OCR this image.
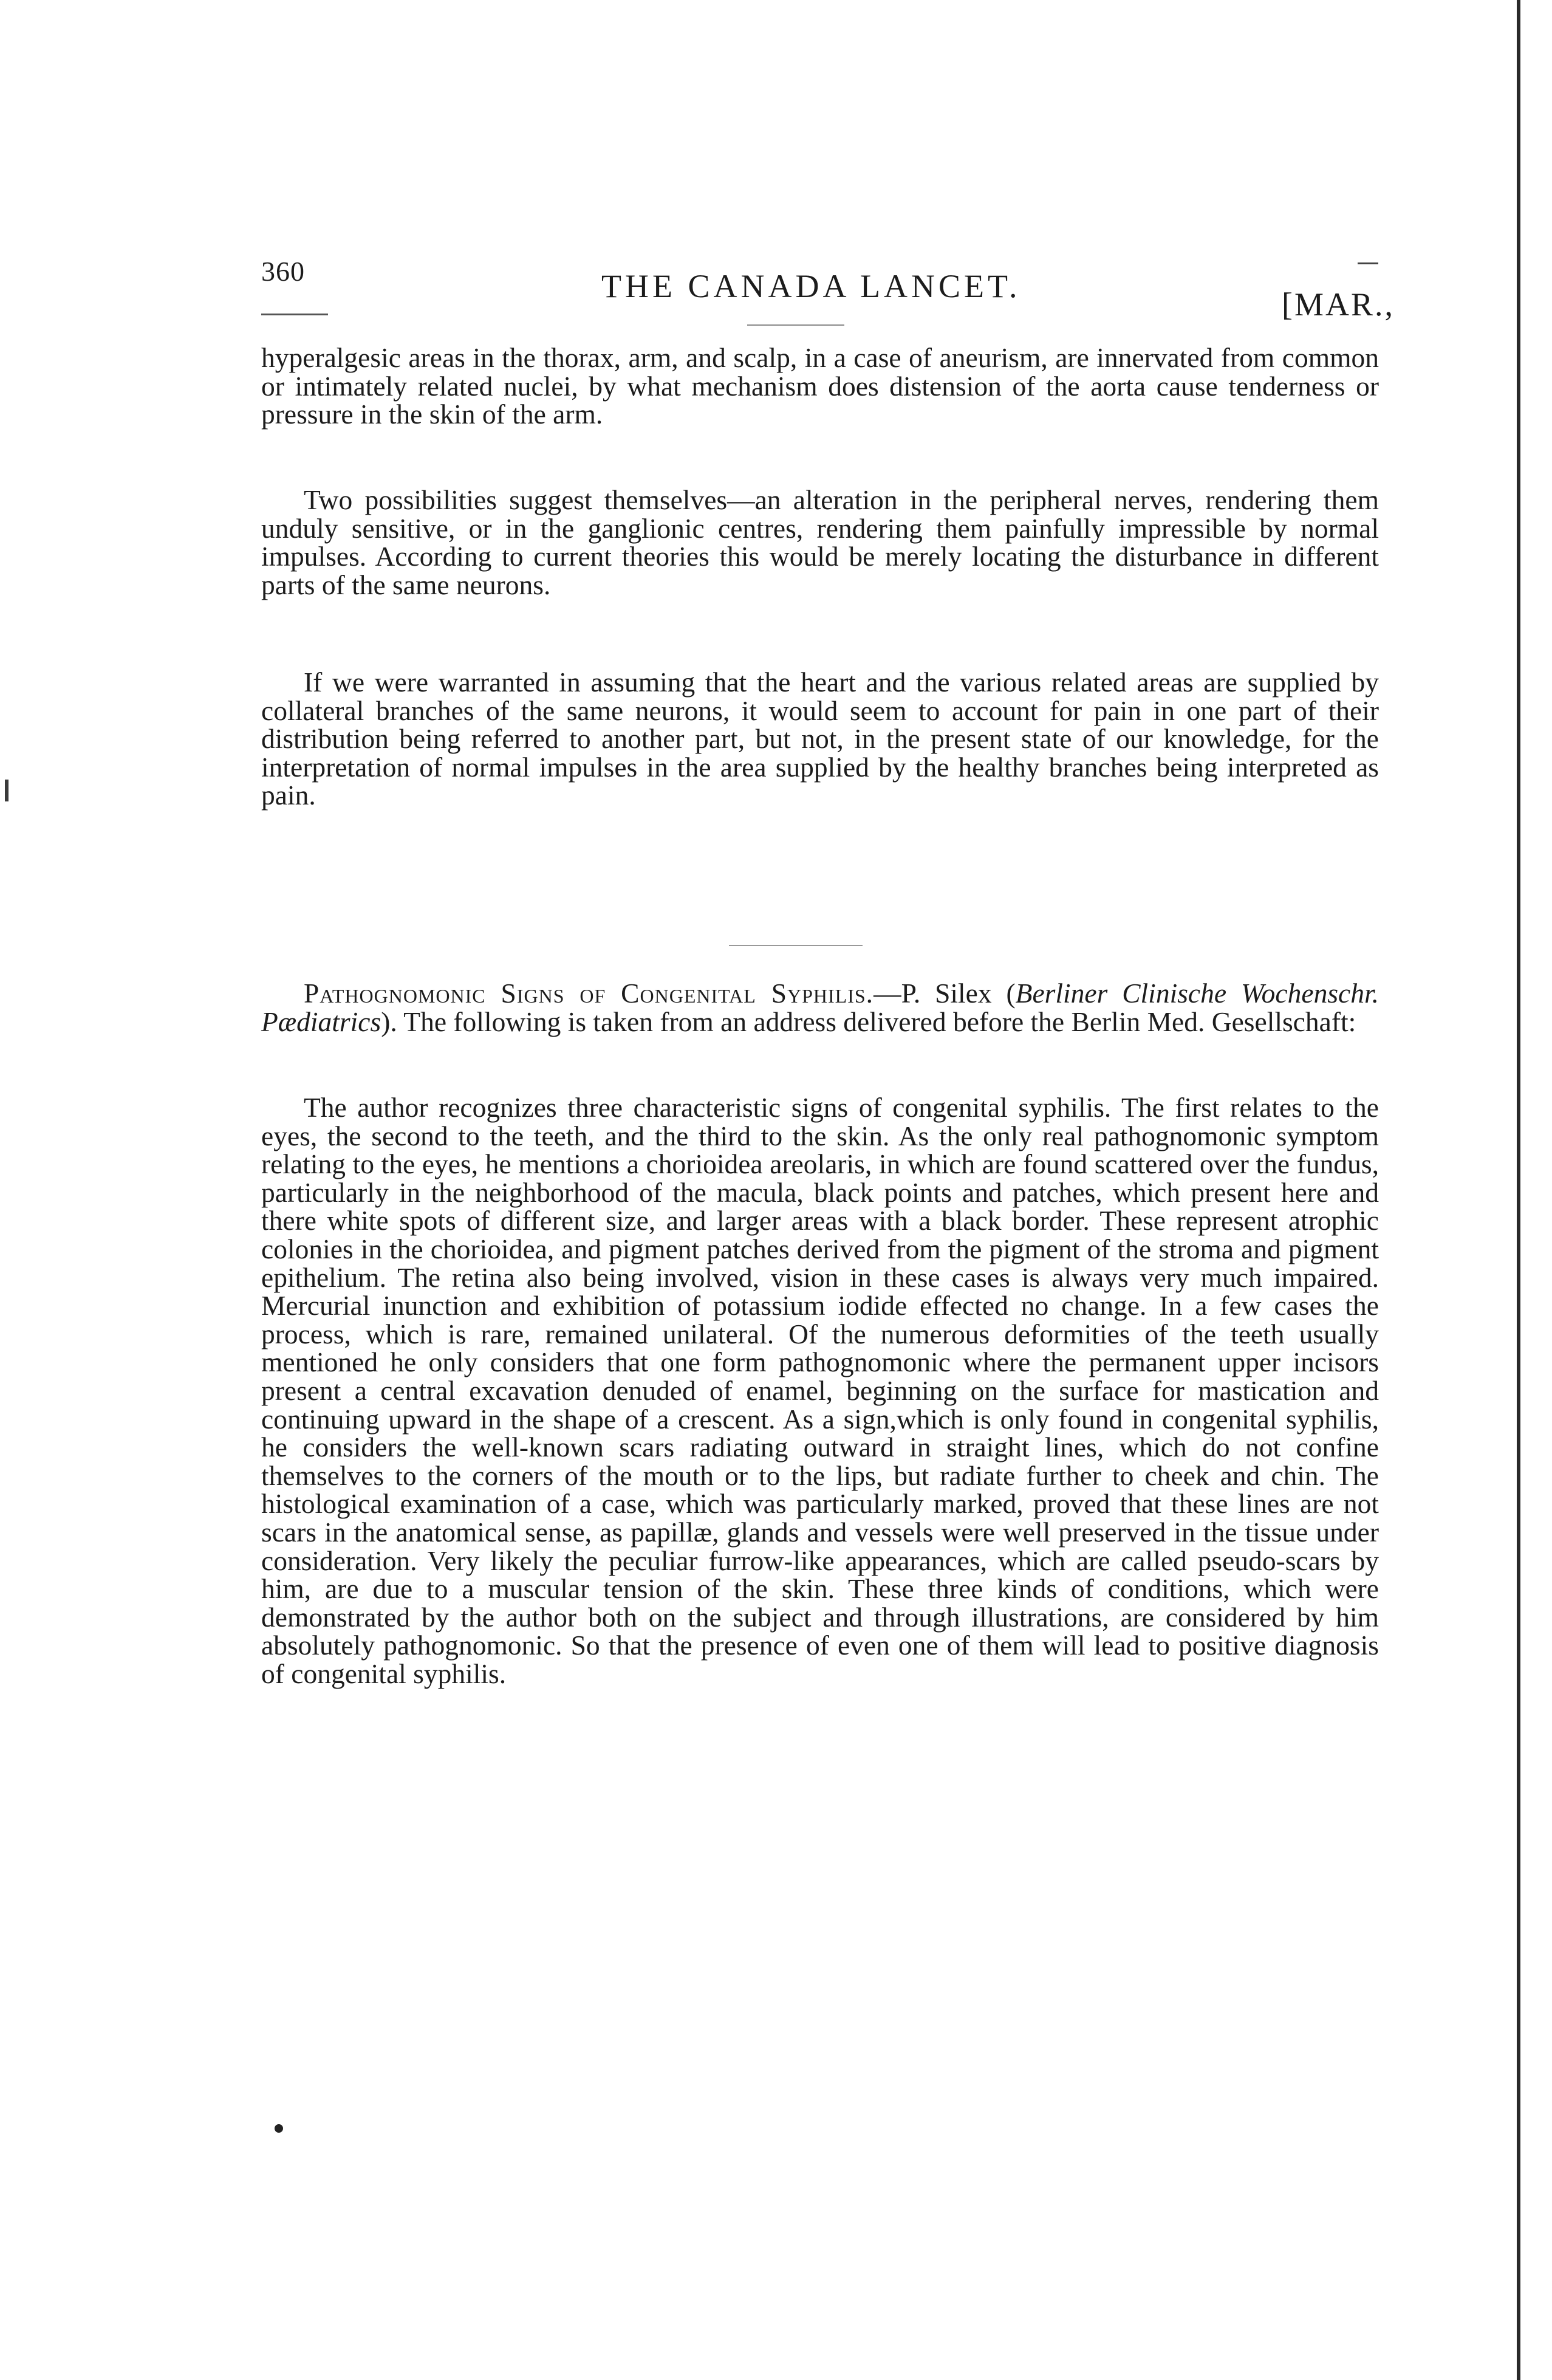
360	THE CANADA LANCET.	[MAR.,

hyperalgesic areas in the thorax, arm, and scalp, in a case of aneurism, are innervated from common or intimately related nuclei, by what mechanism does distension of the aorta cause tenderness or pressure in the skin of the arm.

Two possibilities suggest themselves—an alteration in the peripheral nerves, rendering them unduly sensitive, or in the ganglionic centres, rendering them painfully impressible by normal impulses. According to current theories this would be merely locating the disturbance in different parts of the same neurons.

If we were warranted in assuming that the heart and the various related areas are supplied by collateral branches of the same neurons, it would seem to account for pain in one part of their distribution being referred to another part, but not, in the present state of our knowledge, for the interpretation of normal impulses in the area supplied by the healthy branches being interpreted as pain.

Pathognomonic Signs of Congenital Syphilis.—P. Silex (Berliner Clinische Wochenschr. Pædiatrics). The following is taken from an address delivered before the Berlin Med. Gesellschaft:

The author recognizes three characteristic signs of congenital syphilis. The first relates to the eyes, the second to the teeth, and the third to the skin. As the only real pathognomonic symptom relating to the eyes, he mentions a chorioidea areolaris, in which are found scattered over the fundus, particularly in the neighborhood of the macula, black points and patches, which present here and there white spots of different size, and larger areas with a black border. These represent atrophic colonies in the chorioidea, and pigment patches derived from the pigment of the stroma and pigment epithelium. The retina also being involved, vision in these cases is always very much impaired. Mercurial inunction and exhibition of potassium iodide effected no change. In a few cases the process, which is rare, remained unilateral. Of the numerous deformities of the teeth usually mentioned he only considers that one form pathognomonic where the permanent upper incisors present a central excavation denuded of enamel, beginning on the surface for mastication and continuing upward in the shape of a crescent. As a sign,which is only found in congenital syphilis, he considers the well-known scars radiating outward in straight lines, which do not confine themselves to the corners of the mouth or to the lips, but radiate further to cheek and chin. The histological examination of a case, which was particularly marked, proved that these lines are not scars in the anatomical sense, as papillæ, glands and vessels were well preserved in the tissue under consideration. Very likely the peculiar furrow-like appearances, which are called pseudo-scars by him, are due to a muscular tension of the skin. These three kinds of conditions, which were demonstrated by the author both on the subject and through illustrations, are considered by him absolutely pathognomonic. So that the presence of even one of them will lead to positive diagnosis of congenital syphilis.
